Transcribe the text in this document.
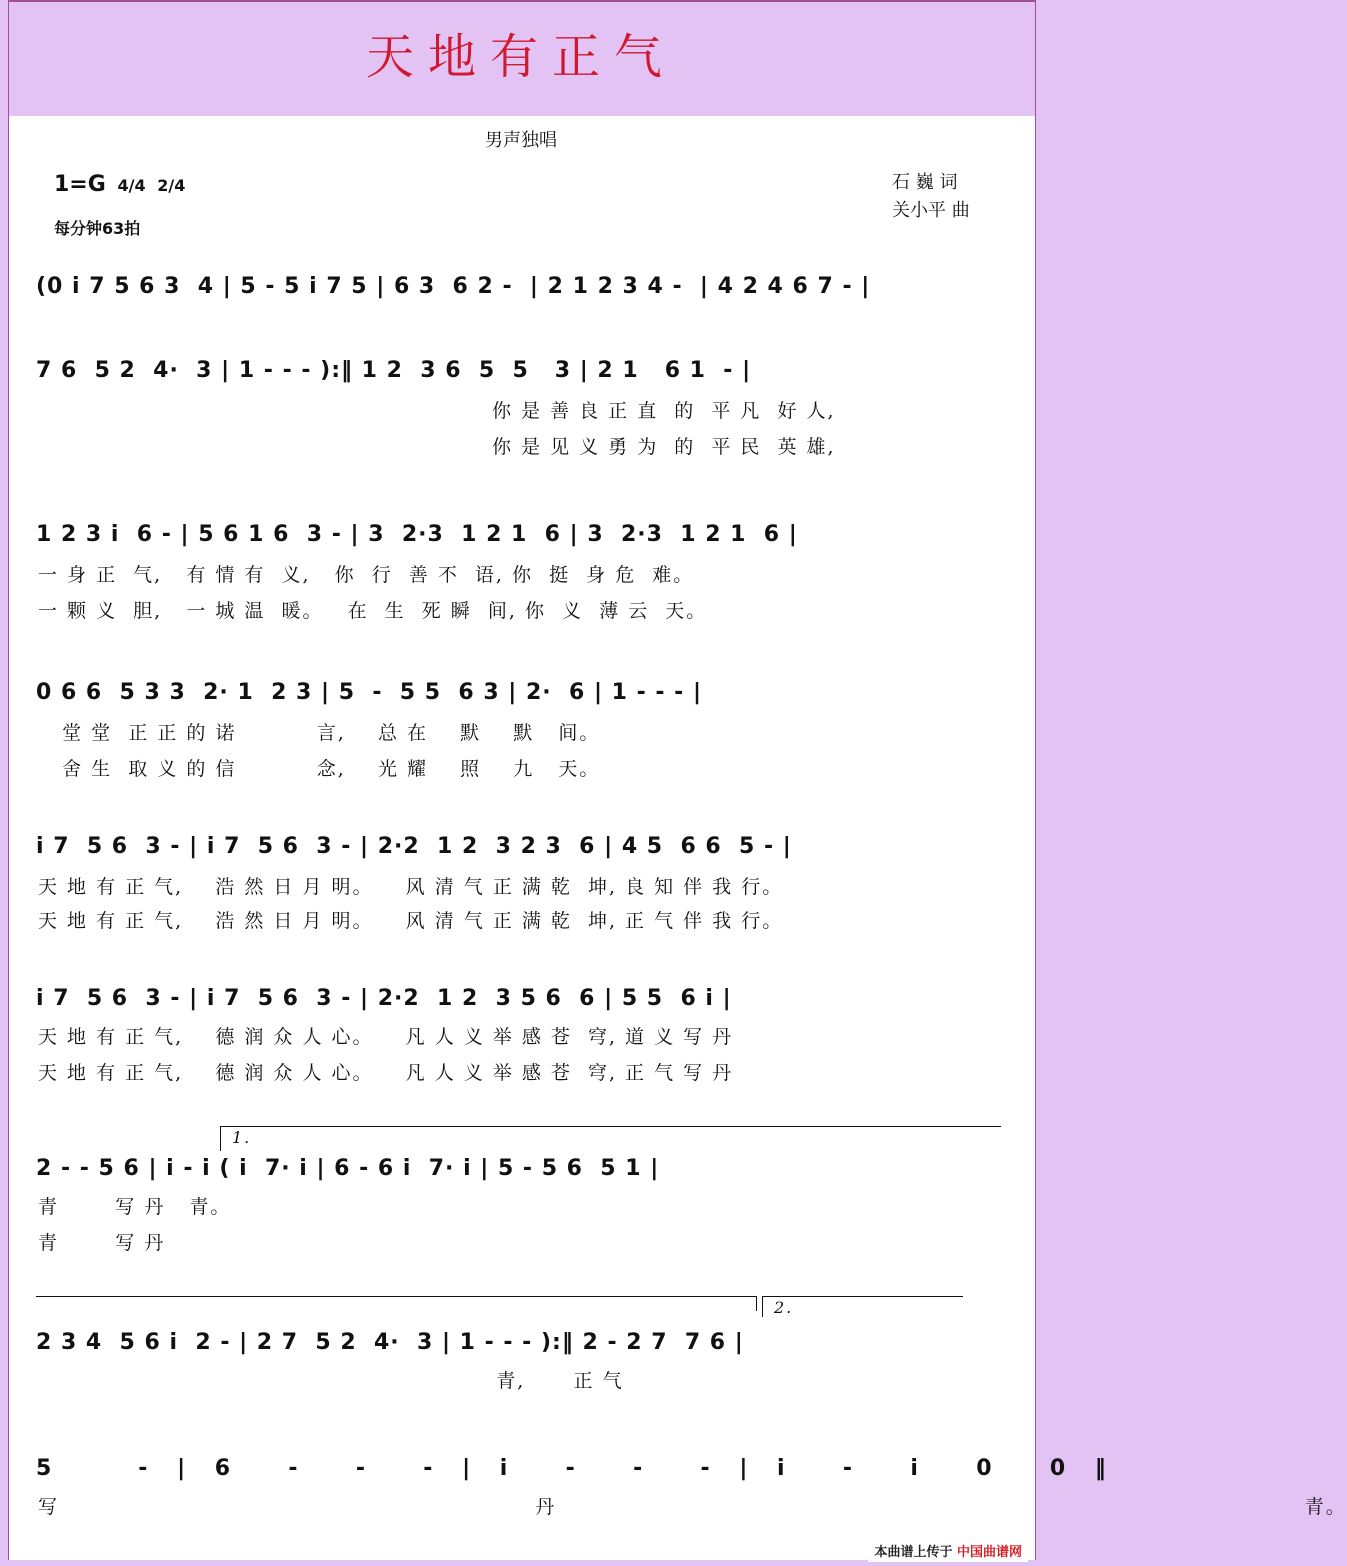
天地有正气
男声独唱
1=G 4/4 2/4
每分钟63拍
石 巍 词
关小平 曲
(0 i 7 5 6 3  4 | 5 - 5 i 7 5 | 6 3  6 2 -  | 2 1 2 3 4 -  | 4 2 4 6 7 - |
7 6  5 2  4·  3 | 1 - - - ):‖ 1 2  3 6  5  5   3 | 2 1   6 1  - |
你 是 善 良 正 直  的  平 凡  好 人,
你 是 见 义 勇 为  的  平 民  英 雄,
1 2 3 i  6 - | 5 6 1 6  3 - | 3  2·3  1 2 1  6 | 3  2·3  1 2 1  6 |
一 身 正  气,   有 情 有  义,   你  行  善 不  语, 你  挺  身 危  难。
一 颗 义  胆,   一 城 温  暖。   在  生  死 瞬  间, 你  义  薄 云  天。
0 6 6  5 3 3  2· 1  2 3 | 5  -  5 5  6 3 | 2·  6 | 1 - - - |
堂 堂  正 正 的 诺          言,    总 在    默    默   间。
舍 生  取 义 的 信          念,    光 耀    照    九   天。
i 7  5 6  3 - | i 7  5 6  3 - | 2·2  1 2  3 2 3  6 | 4 5  6 6  5 - |
天 地 有 正 气,    浩 然 日 月 明。    风 清 气 正 满 乾  坤, 良 知 伴 我 行。
天 地 有 正 气,    浩 然 日 月 明。    风 清 气 正 满 乾  坤, 正 气 伴 我 行。
i 7  5 6  3 - | i 7  5 6  3 - | 2·2  1 2  3 5 6  6 | 5 5  6 i |
天 地 有 正 气,    德 润 众 人 心。    凡 人 义 举 感 苍  穹, 道 义 写 丹
天 地 有 正 气,    德 润 众 人 心。    凡 人 义 举 感 苍  穹, 正 气 写 丹
1.
2 - - 5 6 | i - i ( i  7· i | 6 - 6 i  7· i | 5 - 5 6  5 1 |
青       写 丹   青。
青       写 丹
2.
2 3 4  5 6 i  2 - | 2 7  5 2  4·  3 | 1 - - - ):‖ 2 - 2 7  7 6 |
青,      正 气
5   - | 6  -  -  - | i  -  -  - | i  -  i  0  0 ‖
写       丹           青。
本曲谱上传于 中国曲谱网
